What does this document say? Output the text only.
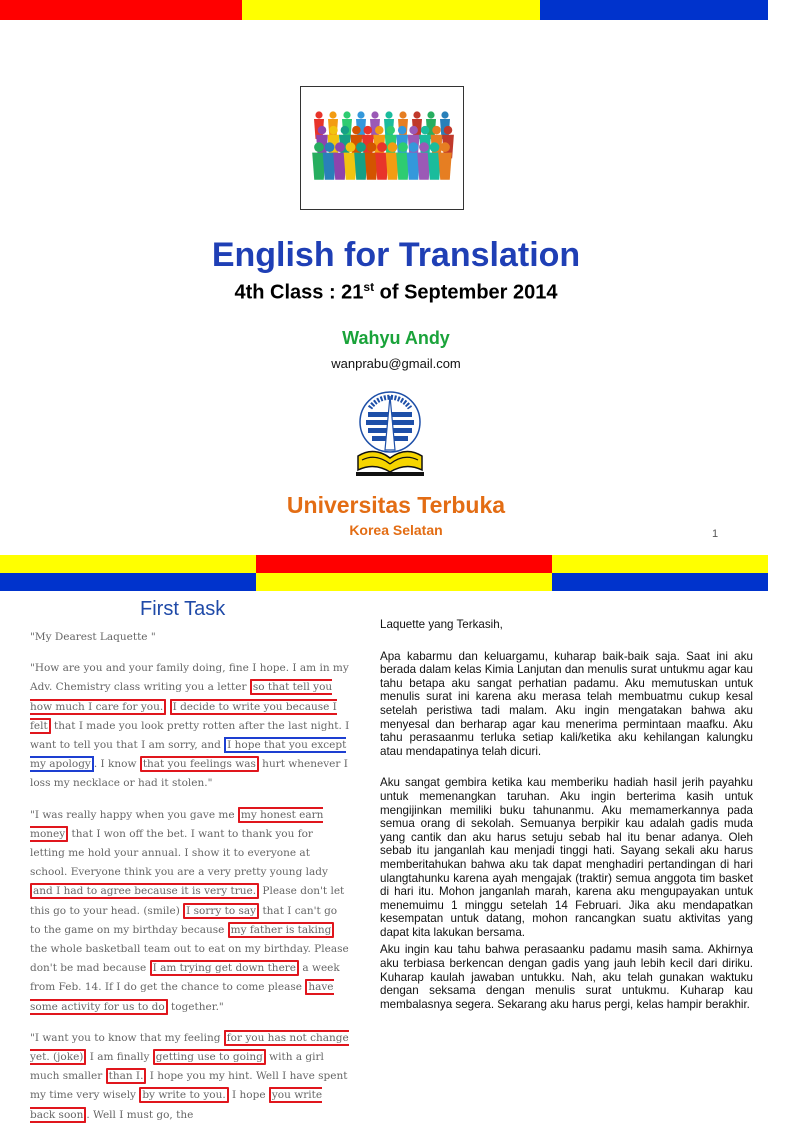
English for Translation
4th Class : 21st of September 2014
Wahyu Andy
wanprabu@gmail.com
Universitas Terbuka
Korea Selatan	1
First Task

"My Dearest Laquette "

"How are you and your family doing, fine I hope. I am in my Adv. Chemistry class writing you a letter so that tell you how much I care for you. I decide to write you because I felt that I made you look pretty rotten after the last night. I want to tell you that I am sorry, and I hope that you except my apology . I know that you feelings was hurt whenever I loss my necklace or had it stolen."

"I was really happy when you gave me my honest earn money that I won off the bet. I want to thank you for letting me hold your annual. I show it to everyone at school. Everyone think you are a very pretty young lady and I had to agree because it is very true. Please don't let this go to your head. (smile) I sorry to say that I can't go to the game on my birthday because my father is taking the whole basketball team out to eat on my birthday. Please don't be mad because I am trying get down there a week from Feb. 14. If I do get the chance to come please have some activity for us to do together."

"I want you to know that my feeling for you has not change yet. (joke) I am finally getting use to going with a girl much smaller than I. I hope you my hint. Well I have spent my time very wisely by write to you. I hope you write back soon . Well I must go, the

Laquette yang Terkasih,

Apa kabarmu dan keluargamu, kuharap baik-baik saja. Saat ini aku berada dalam kelas Kimia Lanjutan dan menulis surat untukmu agar kau tahu betapa aku sangat perhatian padamu. Aku memutuskan untuk menulis surat ini karena aku merasa telah membuatmu cukup kesal setelah peristiwa tadi malam. Aku ingin mengatakan bahwa aku menyesal dan berharap agar kau menerima permintaan maafku. Aku tahu perasaanmu terluka setiap kali/ketika aku kehilangan kalungku atau mendapatinya telah dicuri.

Aku sangat gembira ketika kau memberiku hadiah hasil jerih payahku untuk memenangkan taruhan. Aku ingin berterima kasih untuk mengijinkan memiliki buku tahunanmu. Aku memamerkannya pada semua orang di sekolah. Semuanya berpikir kau adalah gadis muda yang cantik dan aku harus setuju sebab hal itu benar adanya. Oleh sebab itu janganlah kau menjadi tinggi hati. Sayang sekali aku harus memberitahukan bahwa aku tak dapat menghadiri pertandingan di hari ulangtahunku karena ayah mengajak (traktir) semua anggota tim basket di hari itu. Mohon janganlah marah, karena aku mengupayakan untuk menemuimu 1 minggu setelah 14 Februari. Jika aku mendapatkan kesempatan untuk datang, mohon rancangkan suatu aktivitas yang dapat kita lakukan bersama.

Aku ingin kau tahu bahwa perasaanku padamu masih sama. Akhirnya aku terbiasa berkencan dengan gadis yang jauh lebih kecil dari diriku. Kuharap kaulah jawaban untukku. Nah, aku telah gunakan waktuku dengan seksama dengan menulis surat untukmu. Kuharap kau membalasnya segera. Sekarang aku harus pergi, kelas hampir berakhir.
